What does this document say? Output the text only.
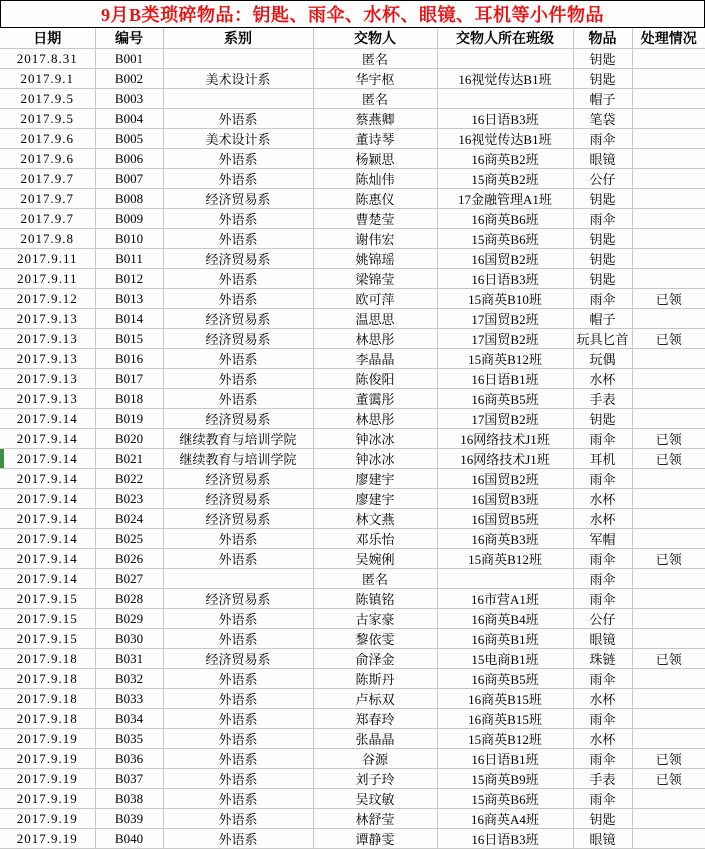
9月B类琐碎物品：钥匙、雨伞、水杯、眼镜、耳机等小件物品
日期	编号	系别	交物人	交物人所在班级	物品	处理情况
2017.8.31	B001		匿名		钥匙	
2017.9.1	B002	美术设计系	华宇枢	16视觉传达B1班	钥匙	
2017.9.5	B003		匿名		帽子	
2017.9.5	B004	外语系	蔡燕卿	16日语B3班	笔袋	
2017.9.6	B005	美术设计系	董诗琴	16视觉传达B1班	雨伞	
2017.9.6	B006	外语系	杨颖思	16商英B2班	眼镜	
2017.9.7	B007	外语系	陈灿伟	15商英B2班	公仔	
2017.9.7	B008	经济贸易系	陈惠仪	17金融管理A1班	钥匙	
2017.9.7	B009	外语系	曹楚莹	16商英B6班	雨伞	
2017.9.8	B010	外语系	谢伟宏	15商英B6班	钥匙	
2017.9.11	B011	经济贸易系	姚锦瑶	16国贸B2班	钥匙	
2017.9.11	B012	外语系	梁锦莹	16日语B3班	钥匙	
2017.9.12	B013	外语系	欧可萍	15商英B10班	雨伞	已领
2017.9.13	B014	经济贸易系	温思思	17国贸B2班	帽子	
2017.9.13	B015	经济贸易系	林思彤	17国贸B2班	玩具匕首	已领
2017.9.13	B016	外语系	李晶晶	15商英B12班	玩偶	
2017.9.13	B017	外语系	陈俊阳	16日语B1班	水杯	
2017.9.13	B018	外语系	董霭彤	16商英B5班	手表	
2017.9.14	B019	经济贸易系	林思彤	17国贸B2班	钥匙	
2017.9.14	B020	继续教育与培训学院	钟冰冰	16网络技术J1班	雨伞	已领
2017.9.14	B021	继续教育与培训学院	钟冰冰	16网络技术J1班	耳机	已领
2017.9.14	B022	经济贸易系	廖建宇	16国贸B2班	雨伞	
2017.9.14	B023	经济贸易系	廖建宇	16国贸B3班	水杯	
2017.9.14	B024	经济贸易系	林文燕	16国贸B5班	水杯	
2017.9.14	B025	外语系	邓乐怡	16商英B3班	军帽	
2017.9.14	B026	外语系	吴婉俐	15商英B12班	雨伞	已领
2017.9.14	B027		匿名		雨伞	
2017.9.15	B028	经济贸易系	陈镇铭	16市营A1班	雨伞	
2017.9.15	B029	外语系	古家豪	16商英B4班	公仔	
2017.9.15	B030	外语系	黎依雯	16商英B1班	眼镜	
2017.9.18	B031	经济贸易系	俞泽金	15电商B1班	珠链	已领
2017.9.18	B032	外语系	陈斯丹	16商英B5班	雨伞	
2017.9.18	B033	外语系	卢标双	16商英B15班	水杯	
2017.9.18	B034	外语系	郑春玲	16商英B15班	雨伞	
2017.9.19	B035	外语系	张晶晶	15商英B12班	水杯	
2017.9.19	B036	外语系	谷源	16日语B1班	雨伞	已领
2017.9.19	B037	外语系	刘子玲	15商英B9班	手表	已领
2017.9.19	B038	外语系	吴玟敏	15商英B6班	雨伞	
2017.9.19	B039	外语系	林舒莹	16商英A4班	钥匙	
2017.9.19	B040	外语系	谭静雯	16日语B3班	眼镜	
